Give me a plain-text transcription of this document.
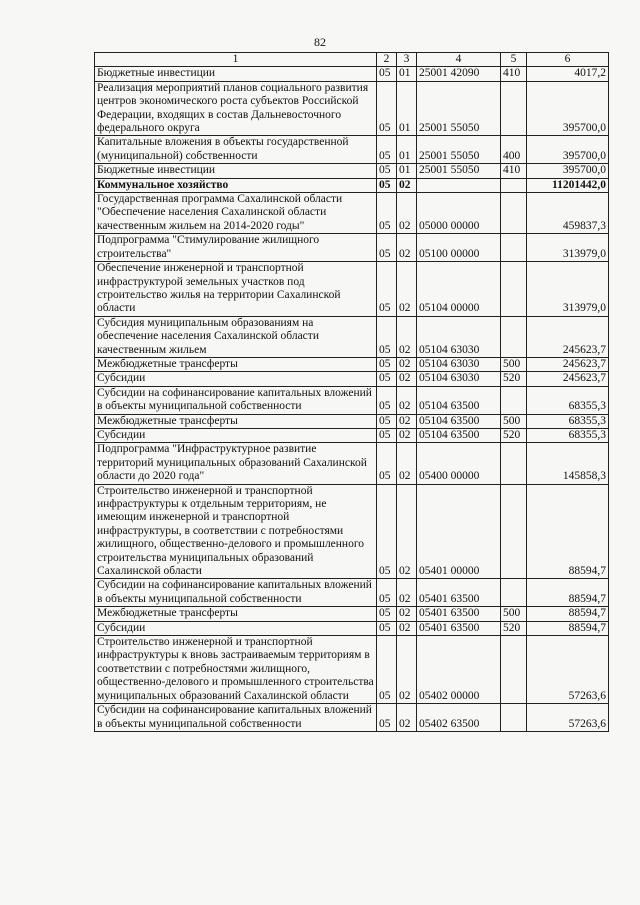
82
1	2	3	4	5	6
Бюджетные инвестиции	05	01	25001 42090	410	4017,2
Реализация мероприятий планов социального развития центров экономического роста субъектов Российской Федерации, входящих в состав Дальневосточного федерального округа	05	01	25001 55050		395700,0
Капитальные вложения в объекты государственной (муниципальной) собственности	05	01	25001 55050	400	395700,0
Бюджетные инвестиции	05	01	25001 55050	410	395700,0
Коммунальное хозяйство	05	02			11201442,0
Государственная программа Сахалинской области "Обеспечение населения Сахалинской области качественным жильем на 2014-2020 годы"	05	02	05000 00000		459837,3
Подпрограмма "Стимулирование жилищного строительства"	05	02	05100 00000		313979,0
Обеспечение инженерной и транспортной инфраструктурой земельных участков под строительство жилья на территории Сахалинской области	05	02	05104 00000		313979,0
Субсидия муниципальным образованиям на обеспечение населения Сахалинской области качественным жильем	05	02	05104 63030		245623,7
Межбюджетные трансферты	05	02	05104 63030	500	245623,7
Субсидии	05	02	05104 63030	520	245623,7
Субсидии на софинансирование капитальных вложений в объекты муниципальной собственности	05	02	05104 63500		68355,3
Межбюджетные трансферты	05	02	05104 63500	500	68355,3
Субсидии	05	02	05104 63500	520	68355,3
Подпрограмма "Инфраструктурное развитие территорий муниципальных образований Сахалинской области до 2020 года"	05	02	05400 00000		145858,3
Строительство инженерной и транспортной инфраструктуры к отдельным территориям, не имеющим инженерной и транспортной инфраструктуры, в соответствии с потребностями жилищного, общественно-делового и промышленного строительства муниципальных образований Сахалинской области	05	02	05401 00000		88594,7
Субсидии на софинансирование капитальных вложений в объекты муниципальной собственности	05	02	05401 63500		88594,7
Межбюджетные трансферты	05	02	05401 63500	500	88594,7
Субсидии	05	02	05401 63500	520	88594,7
Строительство инженерной и транспортной инфраструктуры к вновь застраиваемым территориям в соответствии с потребностями жилищного, общественно-делового и промышленного строительства муниципальных образований Сахалинской области	05	02	05402 00000		57263,6
Субсидии на софинансирование капитальных вложений в объекты муниципальной собственности	05	02	05402 63500		57263,6
